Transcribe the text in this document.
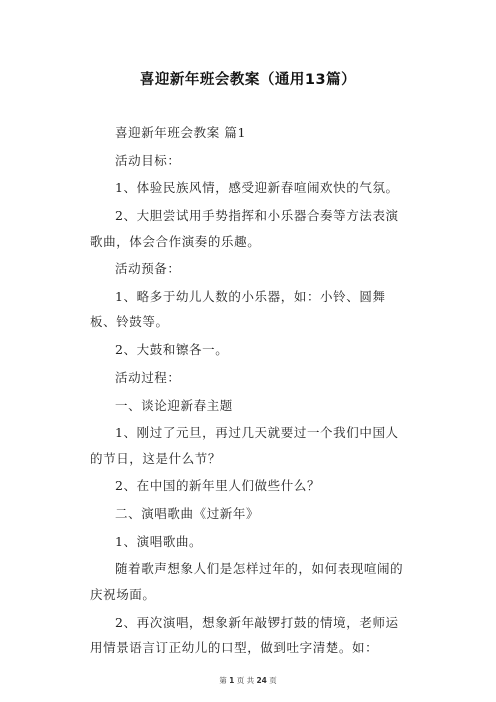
喜迎新年班会教案（通用13篇）

喜迎新年班会教案 篇1

活动目标：

1、体验民族风情，感受迎新春喧闹欢快的气氛。

2、大胆尝试用手势指挥和小乐器合奏等方法表演歌曲，体会合作演奏的乐趣。

活动预备：

1、略多于幼儿人数的小乐器，如：小铃、圆舞板、铃鼓等。

2、大鼓和镲各一。

活动过程：

一、谈论迎新春主题

1、刚过了元旦，再过几天就要过一个我们中国人的节日，这是什么节？

2、在中国的新年里人们做些什么？

二、演唱歌曲《过新年》

1、演唱歌曲。

随着歌声想象人们是怎样过年的，如何表现喧闹的庆祝场面。

2、再次演唱，想象新年敲锣打鼓的情境，老师运用情景语言订正幼儿的口型，做到吐字清楚。如：

第 1 页 共 24 页
